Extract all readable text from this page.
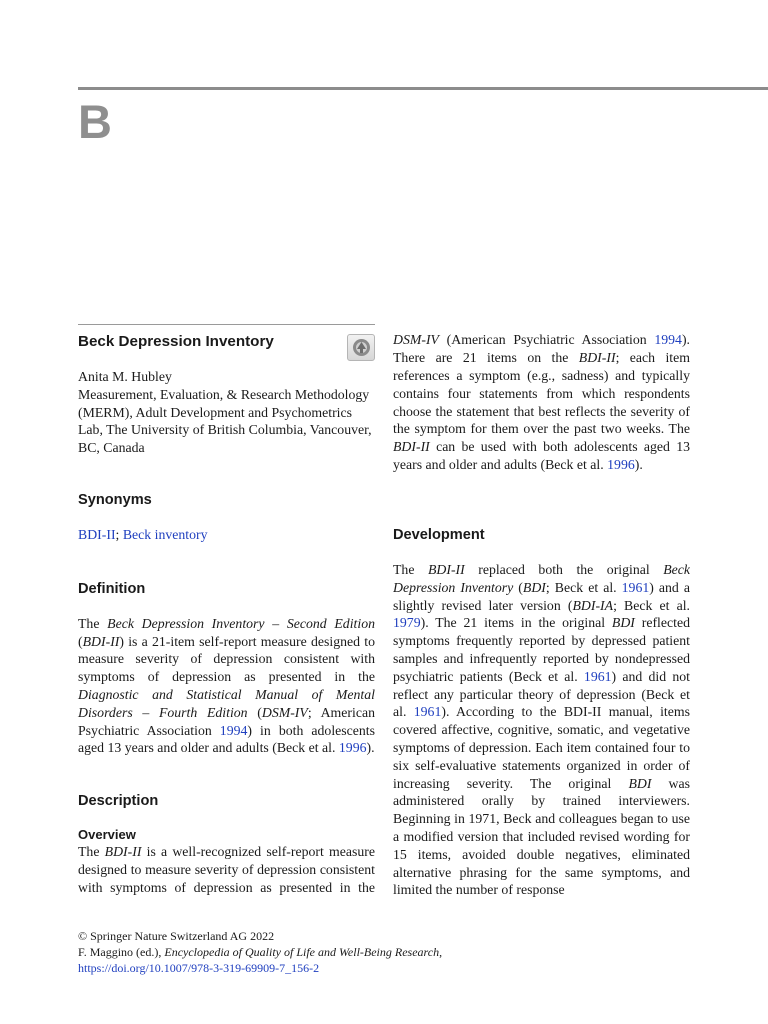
B
Beck Depression Inventory

Anita M. Hubley

Measurement, Evaluation, & Research Methodology (MERM), Adult Development and Psychometrics Lab, The University of British Columbia, Vancouver, BC, Canada

Synonyms

BDI-II; Beck inventory

Definition

The Beck Depression Inventory – Second Edition (BDI-II) is a 21-item self-report measure designed to measure severity of depression consistent with symptoms of depression as presented in the Diagnostic and Statistical Manual of Mental Disorders – Fourth Edition (DSM-IV; American Psychiatric Association 1994) in both adolescents aged 13 years and older and adults (Beck et al. 1996).

Description
Overview
The BDI-II is a well-recognized self-report measure designed to measure severity of depression consistent with symptoms of depression as presented in the
DSM-IV (American Psychiatric Association 1994). There are 21 items on the BDI-II; each item references a symptom (e.g., sadness) and typically contains four statements from which respondents choose the statement that best reflects the severity of the symptom for them over the past two weeks. The BDI-II can be used with both adolescents aged 13 years and older and adults (Beck et al. 1996).
Development

The BDI-II replaced both the original Beck Depression Inventory (BDI; Beck et al. 1961) and a slightly revised later version (BDI-IA; Beck et al. 1979). The 21 items in the original BDI reflected symptoms frequently reported by depressed patient samples and infrequently reported by nondepressed psychiatric patients (Beck et al. 1961) and did not reflect any particular theory of depression (Beck et al. 1961). According to the BDI-II manual, items covered affective, cognitive, somatic, and vegetative symptoms of depression. Each item contained four to six self-evaluative statements organized in order of increasing severity. The original BDI was administered orally by trained interviewers. Beginning in 1971, Beck and colleagues began to use a modified version that included revised wording for 15 items, avoided double negatives, eliminated alternative phrasing for the same symptoms, and limited the number of response

© Springer Nature Switzerland AG 2022
F. Maggino (ed.), Encyclopedia of Quality of Life and Well-Being Research,
https://doi.org/10.1007/978-3-319-69909-7_156-2
